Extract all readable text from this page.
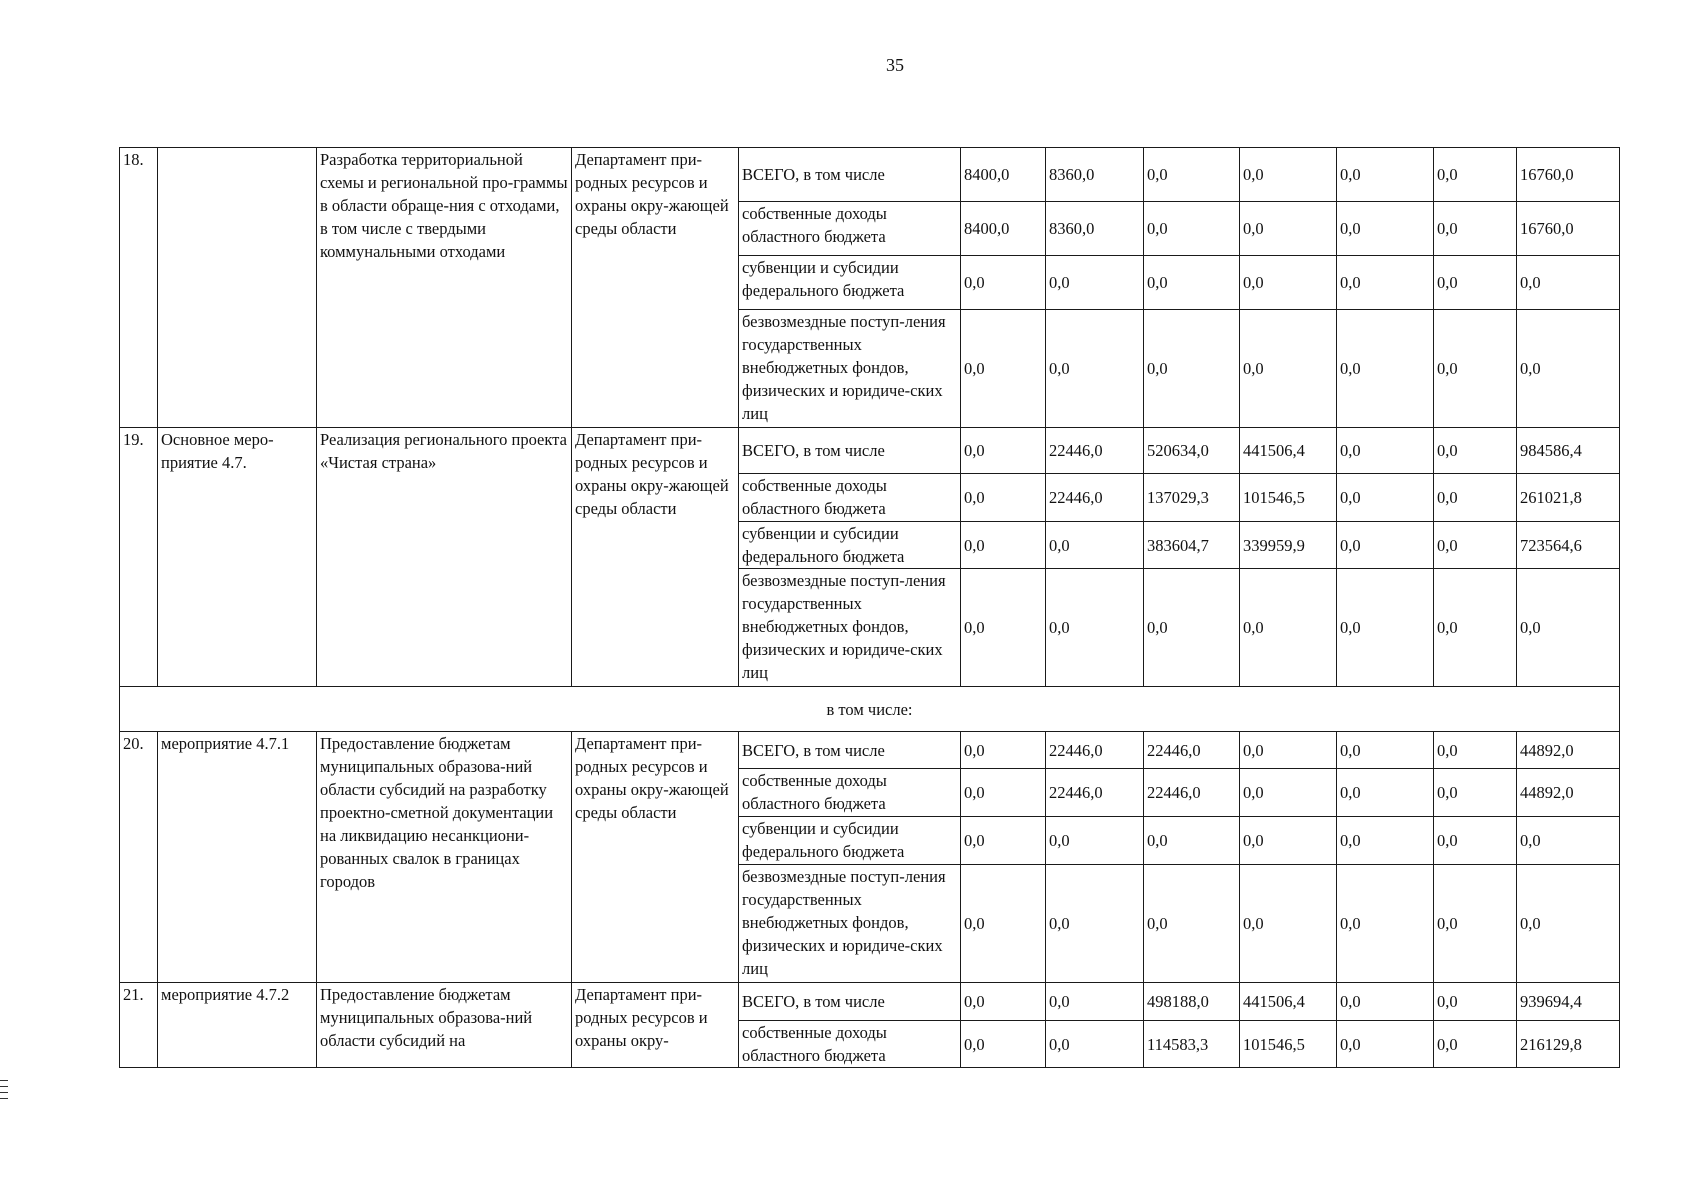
35
18.		Разработка территориальной схемы и региональной про-граммы в области обраще-ния с отходами, в том числе с твердыми коммунальными отходами	Департамент при-родных ресурсов и охраны окру-жающей среды области	ВСЕГО, в том числе	8400,0	8360,0	0,0	0,0	0,0	0,0	16760,0
				собственные доходы областного бюджета	8400,0	8360,0	0,0	0,0	0,0	0,0	16760,0
				субвенции и субсидии федерального бюджета	0,0	0,0	0,0	0,0	0,0	0,0	0,0
				безвозмездные поступ-ления государственных внебюджетных фондов, физических и юридиче-ских лиц	0,0	0,0	0,0	0,0	0,0	0,0	0,0
19.	Основное меро-приятие 4.7.	Реализация регионального проекта «Чистая страна»	Департамент при-родных ресурсов и охраны окру-жающей среды области	ВСЕГО, в том числе	0,0	22446,0	520634,0	441506,4	0,0	0,0	984586,4
				собственные доходы областного бюджета	0,0	22446,0	137029,3	101546,5	0,0	0,0	261021,8
				субвенции и субсидии федерального бюджета	0,0	0,0	383604,7	339959,9	0,0	0,0	723564,6
				безвозмездные поступ-ления государственных внебюджетных фондов, физических и юридиче-ских лиц	0,0	0,0	0,0	0,0	0,0	0,0	0,0
в том числе:											
20.	мероприятие 4.7.1	Предоставление бюджетам муниципальных образова-ний области субсидий на разработку проектно-сметной документации на ликвидацию несанкциони-рованных свалок в границах городов	Департамент при-родных ресурсов и охраны окру-жающей среды области	ВСЕГО, в том числе	0,0	22446,0	22446,0	0,0	0,0	0,0	44892,0
				собственные доходы областного бюджета	0,0	22446,0	22446,0	0,0	0,0	0,0	44892,0
				субвенции и субсидии федерального бюджета	0,0	0,0	0,0	0,0	0,0	0,0	0,0
				безвозмездные поступ-ления государственных внебюджетных фондов, физических и юридиче-ских лиц	0,0	0,0	0,0	0,0	0,0	0,0	0,0
21.	мероприятие 4.7.2	Предоставление бюджетам муниципальных образова-ний области субсидий на	Департамент при-родных ресурсов и охраны окру-	ВСЕГО, в том числе	0,0	0,0	498188,0	441506,4	0,0	0,0	939694,4
				собственные доходы областного бюджета	0,0	0,0	114583,3	101546,5	0,0	0,0	216129,8
